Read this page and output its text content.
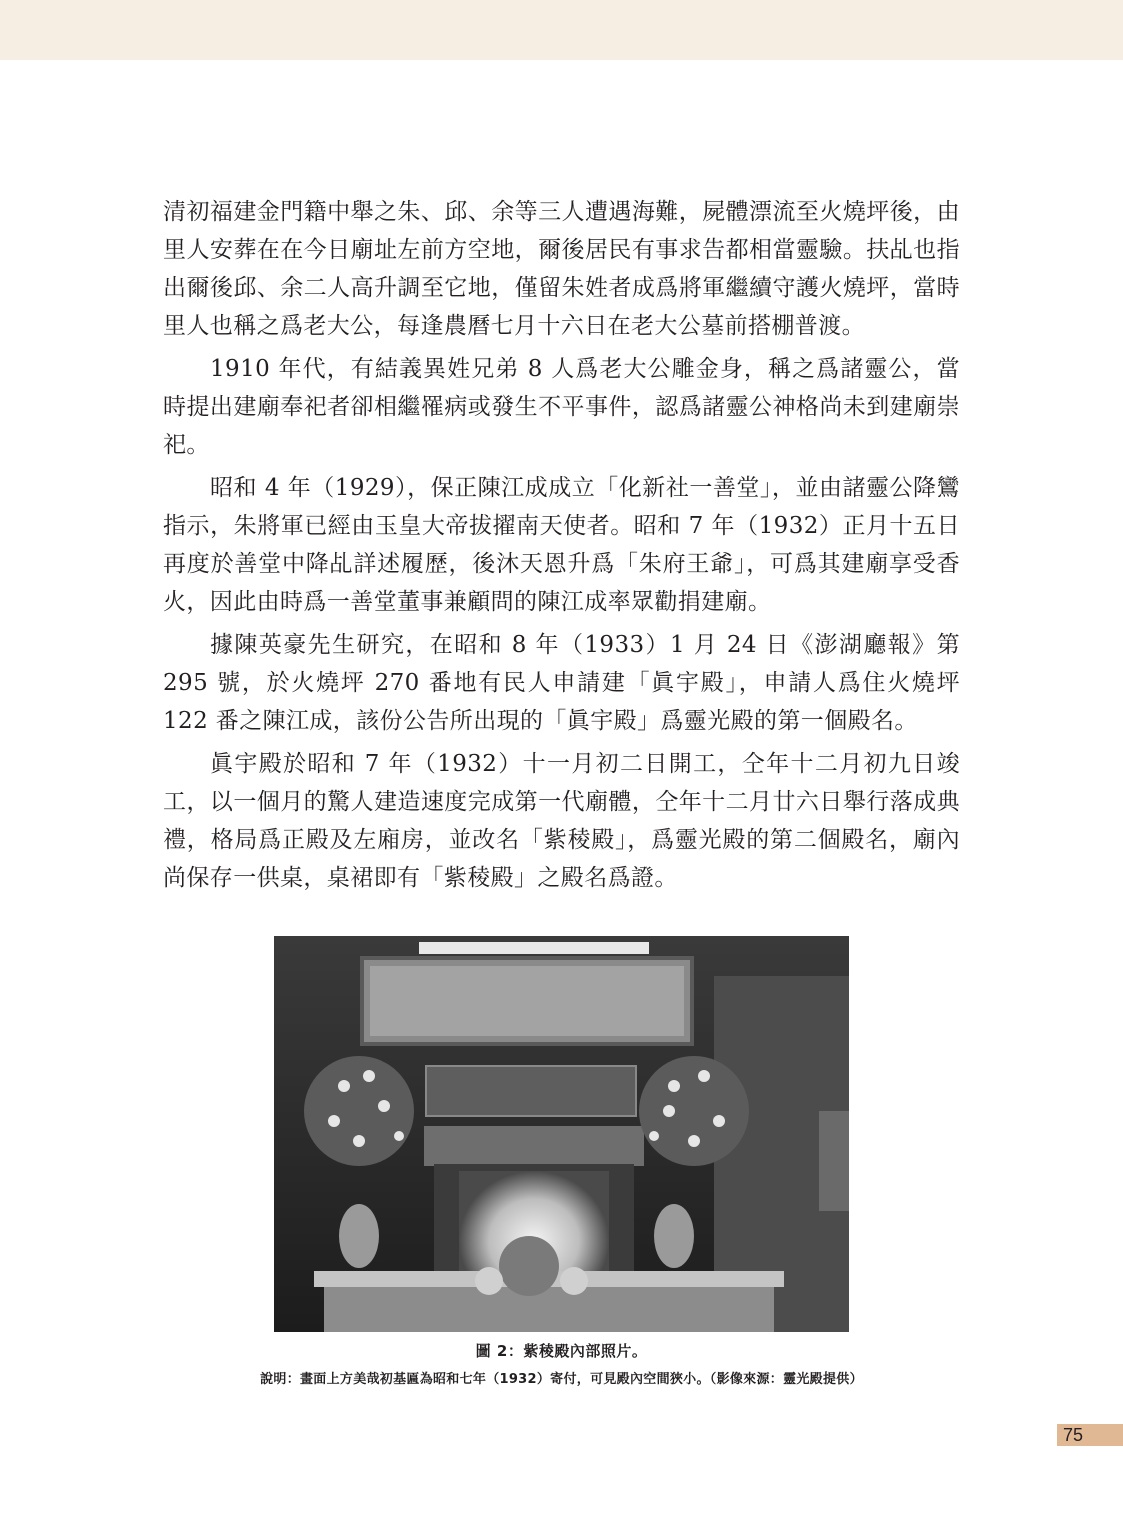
清初福建金門籍中舉之朱、邱、余等三人遭遇海難，屍體漂流至火燒坪後，由里人安葬在在今日廟址左前方空地，爾後居民有事求告都相當靈驗。扶乩也指出爾後邱、余二人高升調至它地，僅留朱姓者成爲將軍繼續守護火燒坪，當時里人也稱之爲老大公，每逢農曆七月十六日在老大公墓前搭棚普渡。

1910 年代，有結義異姓兄弟 8 人爲老大公雕金身，稱之爲諸靈公，當時提出建廟奉祀者卻相繼罹病或發生不平事件，認爲諸靈公神格尚未到建廟崇祀。

昭和 4 年（1929），保正陳江成成立「化新社一善堂」，並由諸靈公降鸞指示，朱將軍已經由玉皇大帝拔擢南天使者。昭和 7 年（1932）正月十五日再度於善堂中降乩詳述履歷，後沐天恩升爲「朱府王爺」，可爲其建廟享受香火，因此由時爲一善堂董事兼顧問的陳江成率眾勸捐建廟。

據陳英豪先生研究，在昭和 8 年（1933）1 月 24 日《澎湖廳報》第 295 號，於火燒坪 270 番地有民人申請建「眞宇殿」，申請人爲住火燒坪 122 番之陳江成，該份公告所出現的「眞宇殿」爲靈光殿的第一個殿名。

眞宇殿於昭和 7 年（1932）十一月初二日開工，仝年十二月初九日竣工，以一個月的驚人建造速度完成第一代廟體，仝年十二月廿六日舉行落成典禮，格局爲正殿及左廂房，並改名「紫稜殿」，爲靈光殿的第二個殿名，廟內尚保存一供桌，桌裙即有「紫稜殿」之殿名爲證。

圖 2：紫稜殿內部照片。
說明：畫面上方美哉初基匾為昭和七年（1932）寄付，可見殿內空間狹小。（影像來源：靈光殿提供）
75
